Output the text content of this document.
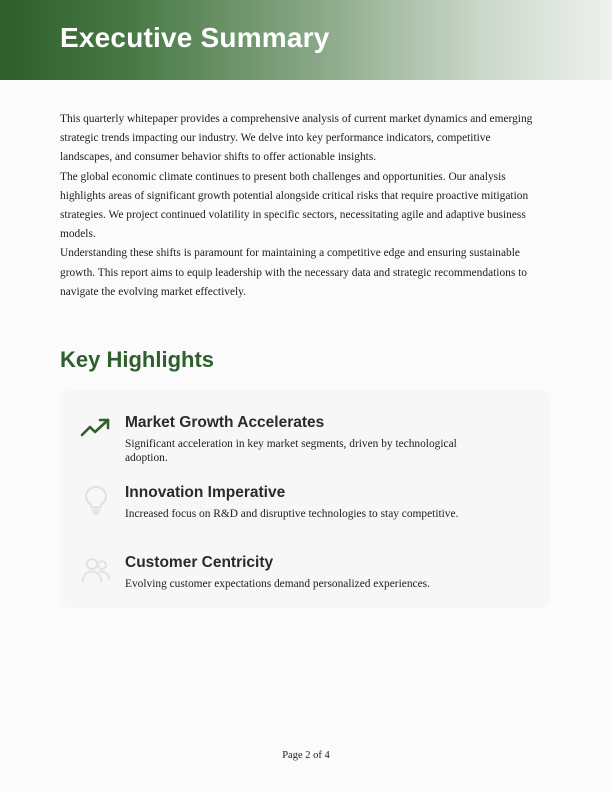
Executive Summary

This quarterly whitepaper provides a comprehensive analysis of current market dynamics and emerging strategic trends impacting our industry. We delve into key performance indicators, competitive landscapes, and consumer behavior shifts to offer actionable insights.

The global economic climate continues to present both challenges and opportunities. Our analysis highlights areas of significant growth potential alongside critical risks that require proactive mitigation strategies. We project continued volatility in specific sectors, necessitating agile and adaptive business models.

Understanding these shifts is paramount for maintaining a competitive edge and ensuring sustainable growth. This report aims to equip leadership with the necessary data and strategic recommendations to navigate the evolving market effectively.

Key Highlights
Market Growth Accelerates
Significant acceleration in key market segments, driven by technological adoption.
Innovation Imperative
Increased focus on R&D and disruptive technologies to stay competitive.
Customer Centricity
Evolving customer expectations demand personalized experiences.
Page 2 of 4
